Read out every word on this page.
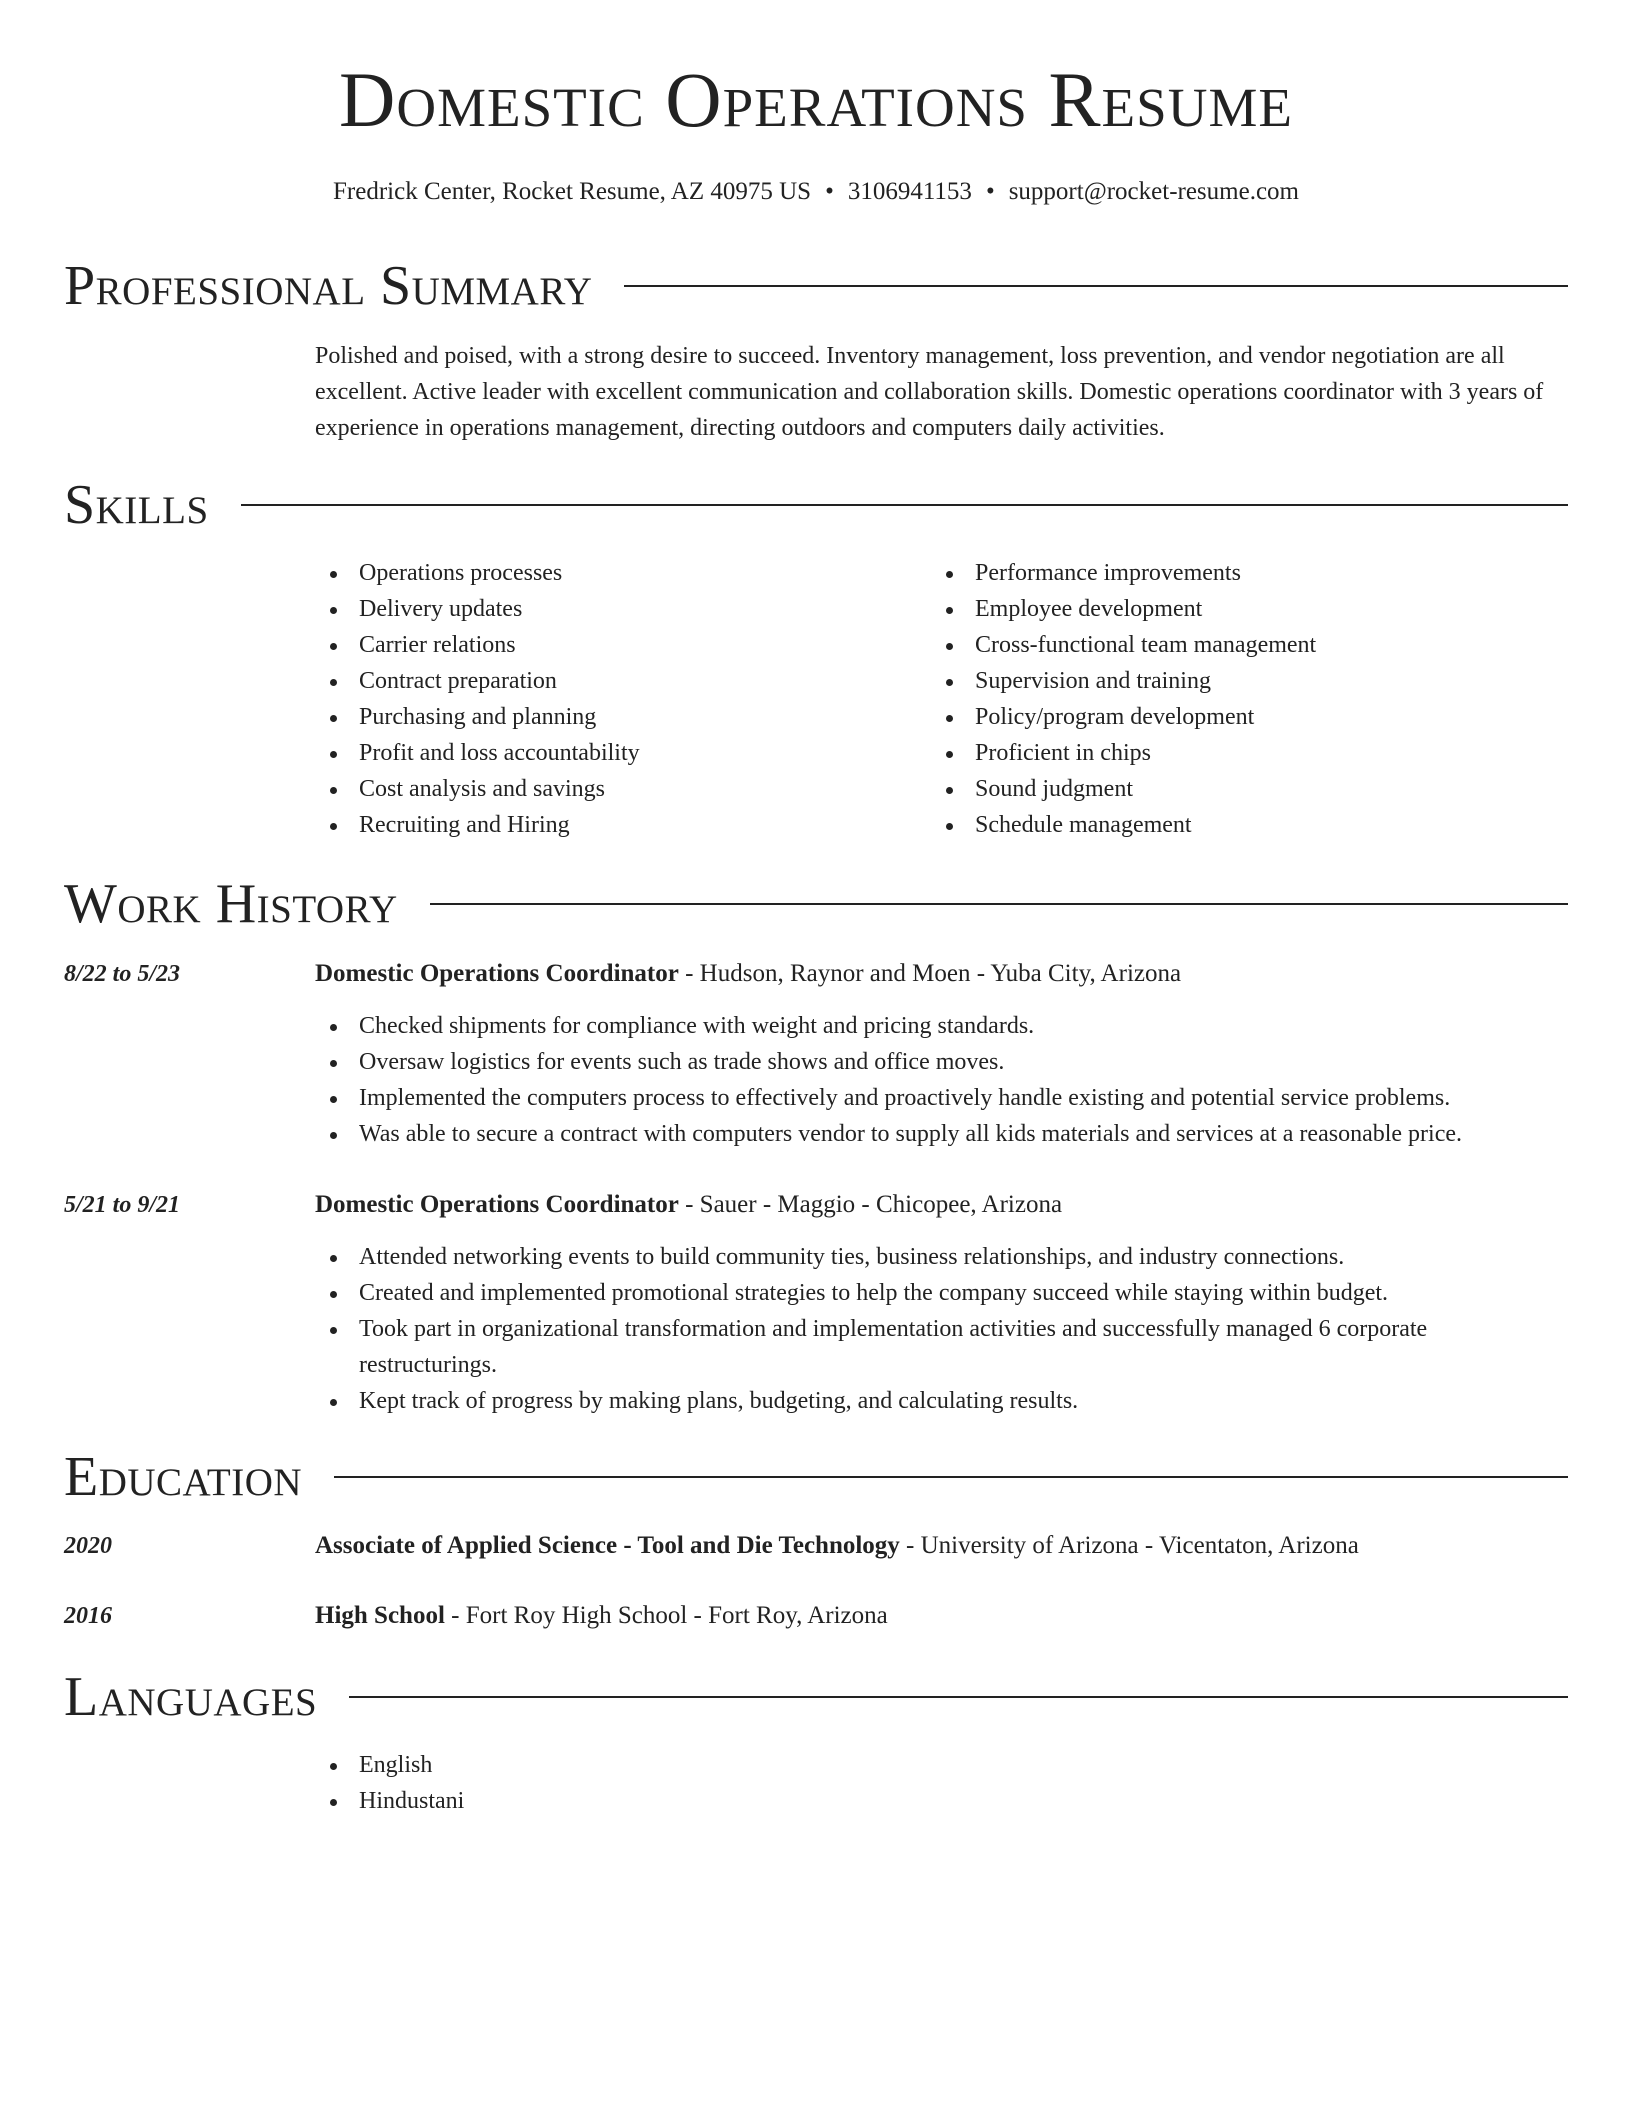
Domestic Operations Resume
Fredrick Center, Rocket Resume, AZ 40975 US • 3106941153 • support@rocket-resume.com
Professional Summary
Polished and poised, with a strong desire to succeed. Inventory management, loss prevention, and vendor negotiation are all excellent. Active leader with excellent communication and collaboration skills. Domestic operations coordinator with 3 years of experience in operations management, directing outdoors and computers daily activities.
Skills
Operations processes
Delivery updates
Carrier relations
Contract preparation
Purchasing and planning
Profit and loss accountability
Cost analysis and savings
Recruiting and Hiring
Performance improvements
Employee development
Cross-functional team management
Supervision and training
Policy/program development
Proficient in chips
Sound judgment
Schedule management
Work History
8/22 to 5/23	Domestic Operations Coordinator - Hudson, Raynor and Moen - Yuba City, Arizona
Checked shipments for compliance with weight and pricing standards.
Oversaw logistics for events such as trade shows and office moves.
Implemented the computers process to effectively and proactively handle existing and potential service problems.
Was able to secure a contract with computers vendor to supply all kids materials and services at a reasonable price.
5/21 to 9/21	Domestic Operations Coordinator - Sauer - Maggio - Chicopee, Arizona
Attended networking events to build community ties, business relationships, and industry connections.
Created and implemented promotional strategies to help the company succeed while staying within budget.
Took part in organizational transformation and implementation activities and successfully managed 6 corporate restructurings.
Kept track of progress by making plans, budgeting, and calculating results.
Education
2020	Associate of Applied Science - Tool and Die Technology - University of Arizona - Vicentaton, Arizona
2016	High School - Fort Roy High School - Fort Roy, Arizona
Languages
English
Hindustani
